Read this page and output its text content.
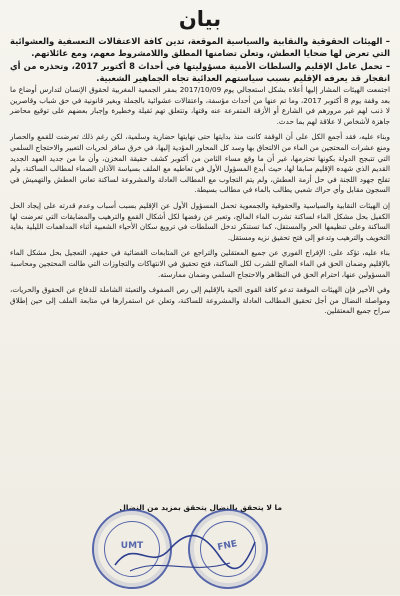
بيان
– الهيئات الحقوقية والنقابية والسياسية الموقعة، تدين كافة الاعتقالات التعسفية والعشوائية التي تعرض لها ضحايا العطش، وتعلن تضامنها المطلق واللامشروط معهم، ومع عائلاتهم.
– تحمل عامل الإقليم والسلطات الأمنية مسؤوليتها في أحداث 8 أكتوبر 2017، وتحذره من أي انفجار قد يعرفه الإقليم بسبب سياستهم العدائية تجاه الجماهير الشعبية.

اجتمعت الهيئات المشار إليها أعلاه بشكل استعجالي يوم 2017/10/09 بمقر الجمعية المغربية لحقوق الإنسان لتدارس أوضاع ما بعد وقفة يوم 8 أكتوبر 2017، وما تم عنها من أحداث مؤسفة، واعتقالات عشوائية بالجملة وبغير قانونية في حق شباب وقاصرين لا ذنب لهم غير مرورهم في الشارع أو الأزقة المتفرعة عنه وقتها، وتتعلق تهم ثقيلة وخطيرة وإجبار بعضهم على توقيع محاضر جاهزة لأشخاص لا علاقة لهم بما حدث.

وبناء عليه، فقد أجمع الكل على أن الوقفة كانت منذ بدايتها حتى نهايتها حضارية وسلمية، لكن رغم ذلك تعرضت للقمع والحصار ومنع عشرات المحتجين من الماء من الالتحاق بها وسد كل المحاور المؤدية إليها، في خرق سافر لحريات التعبير والاحتجاج السلمي التي تتبجح الدولة بكونها تحترمها، غير أن ما وقع مساء الثامن من أكتوبر كشف حقيقة المخزن، وأن ما من جديد العهد الجديد القديم الذي شهده الإقليم سابقا لها، حيث أبدع المسؤول الأول في تعاطيه مع الملف بسياسة الآذان الصماء لمطالب الساكنة، ولم تفلح جهود اللجنة في حل أزمة العطش، ولم يتم التجاوب مع المطالب العادلة والمشروعة لساكنة تعاني العطش والتهميش في السجون مقابل وأي حراك شعبي يطالب بالماء في مطالب بسيطة.

إن الهيئات النقابية والسياسية والحقوقية والجمعوية تحمل المسؤول الأول عن الإقليم بسبب أسباب وعدم قدرته على إيجاد الحل الكفيل بحل مشكل الماء لساكنة تشرب الماء المالح، وتعبر عن رفضها لكل أشكال القمع والترهيب والمضايقات التي تعرضت لها الساكنة وعلى تنظيمها الحر والمستقل، كما تستنكر تدخل السلطات في ترويع سكان الأحياء الشعبية أثناء المداهمات الليلية بغاية التخويف والترهيب وتدعو إلى فتح تحقيق نزيه ومستقل.

بناء عليه، تؤكد على: الإفراج الفوري عن جميع المعتقلين والتراجع عن المتابعات القضائية في حقهم، التعجيل بحل مشكل الماء بالإقليم وضمان الحق في الماء الصالح للشرب لكل الساكنة، فتح تحقيق في الانتهاكات والتجاوزات التي طالت المحتجين ومحاسبة المسؤولين عنها، احترام الحق في التظاهر والاحتجاج السلمي وضمان ممارسته.

وفي الأخير فإن الهيئات الموقعة تدعو كافة القوى الحية بالإقليم إلى رص الصفوف والتعبئة الشاملة للدفاع عن الحقوق والحريات، ومواصلة النضال من أجل تحقيق المطالب العادلة والمشروعة للساكنة، وتعلن عن استمرارها في متابعة الملف إلى حين إطلاق سراح جميع المعتقلين.

ما لا يتحقق بالنضال يتحقق بمزيد من النضال
UMT	FNE
